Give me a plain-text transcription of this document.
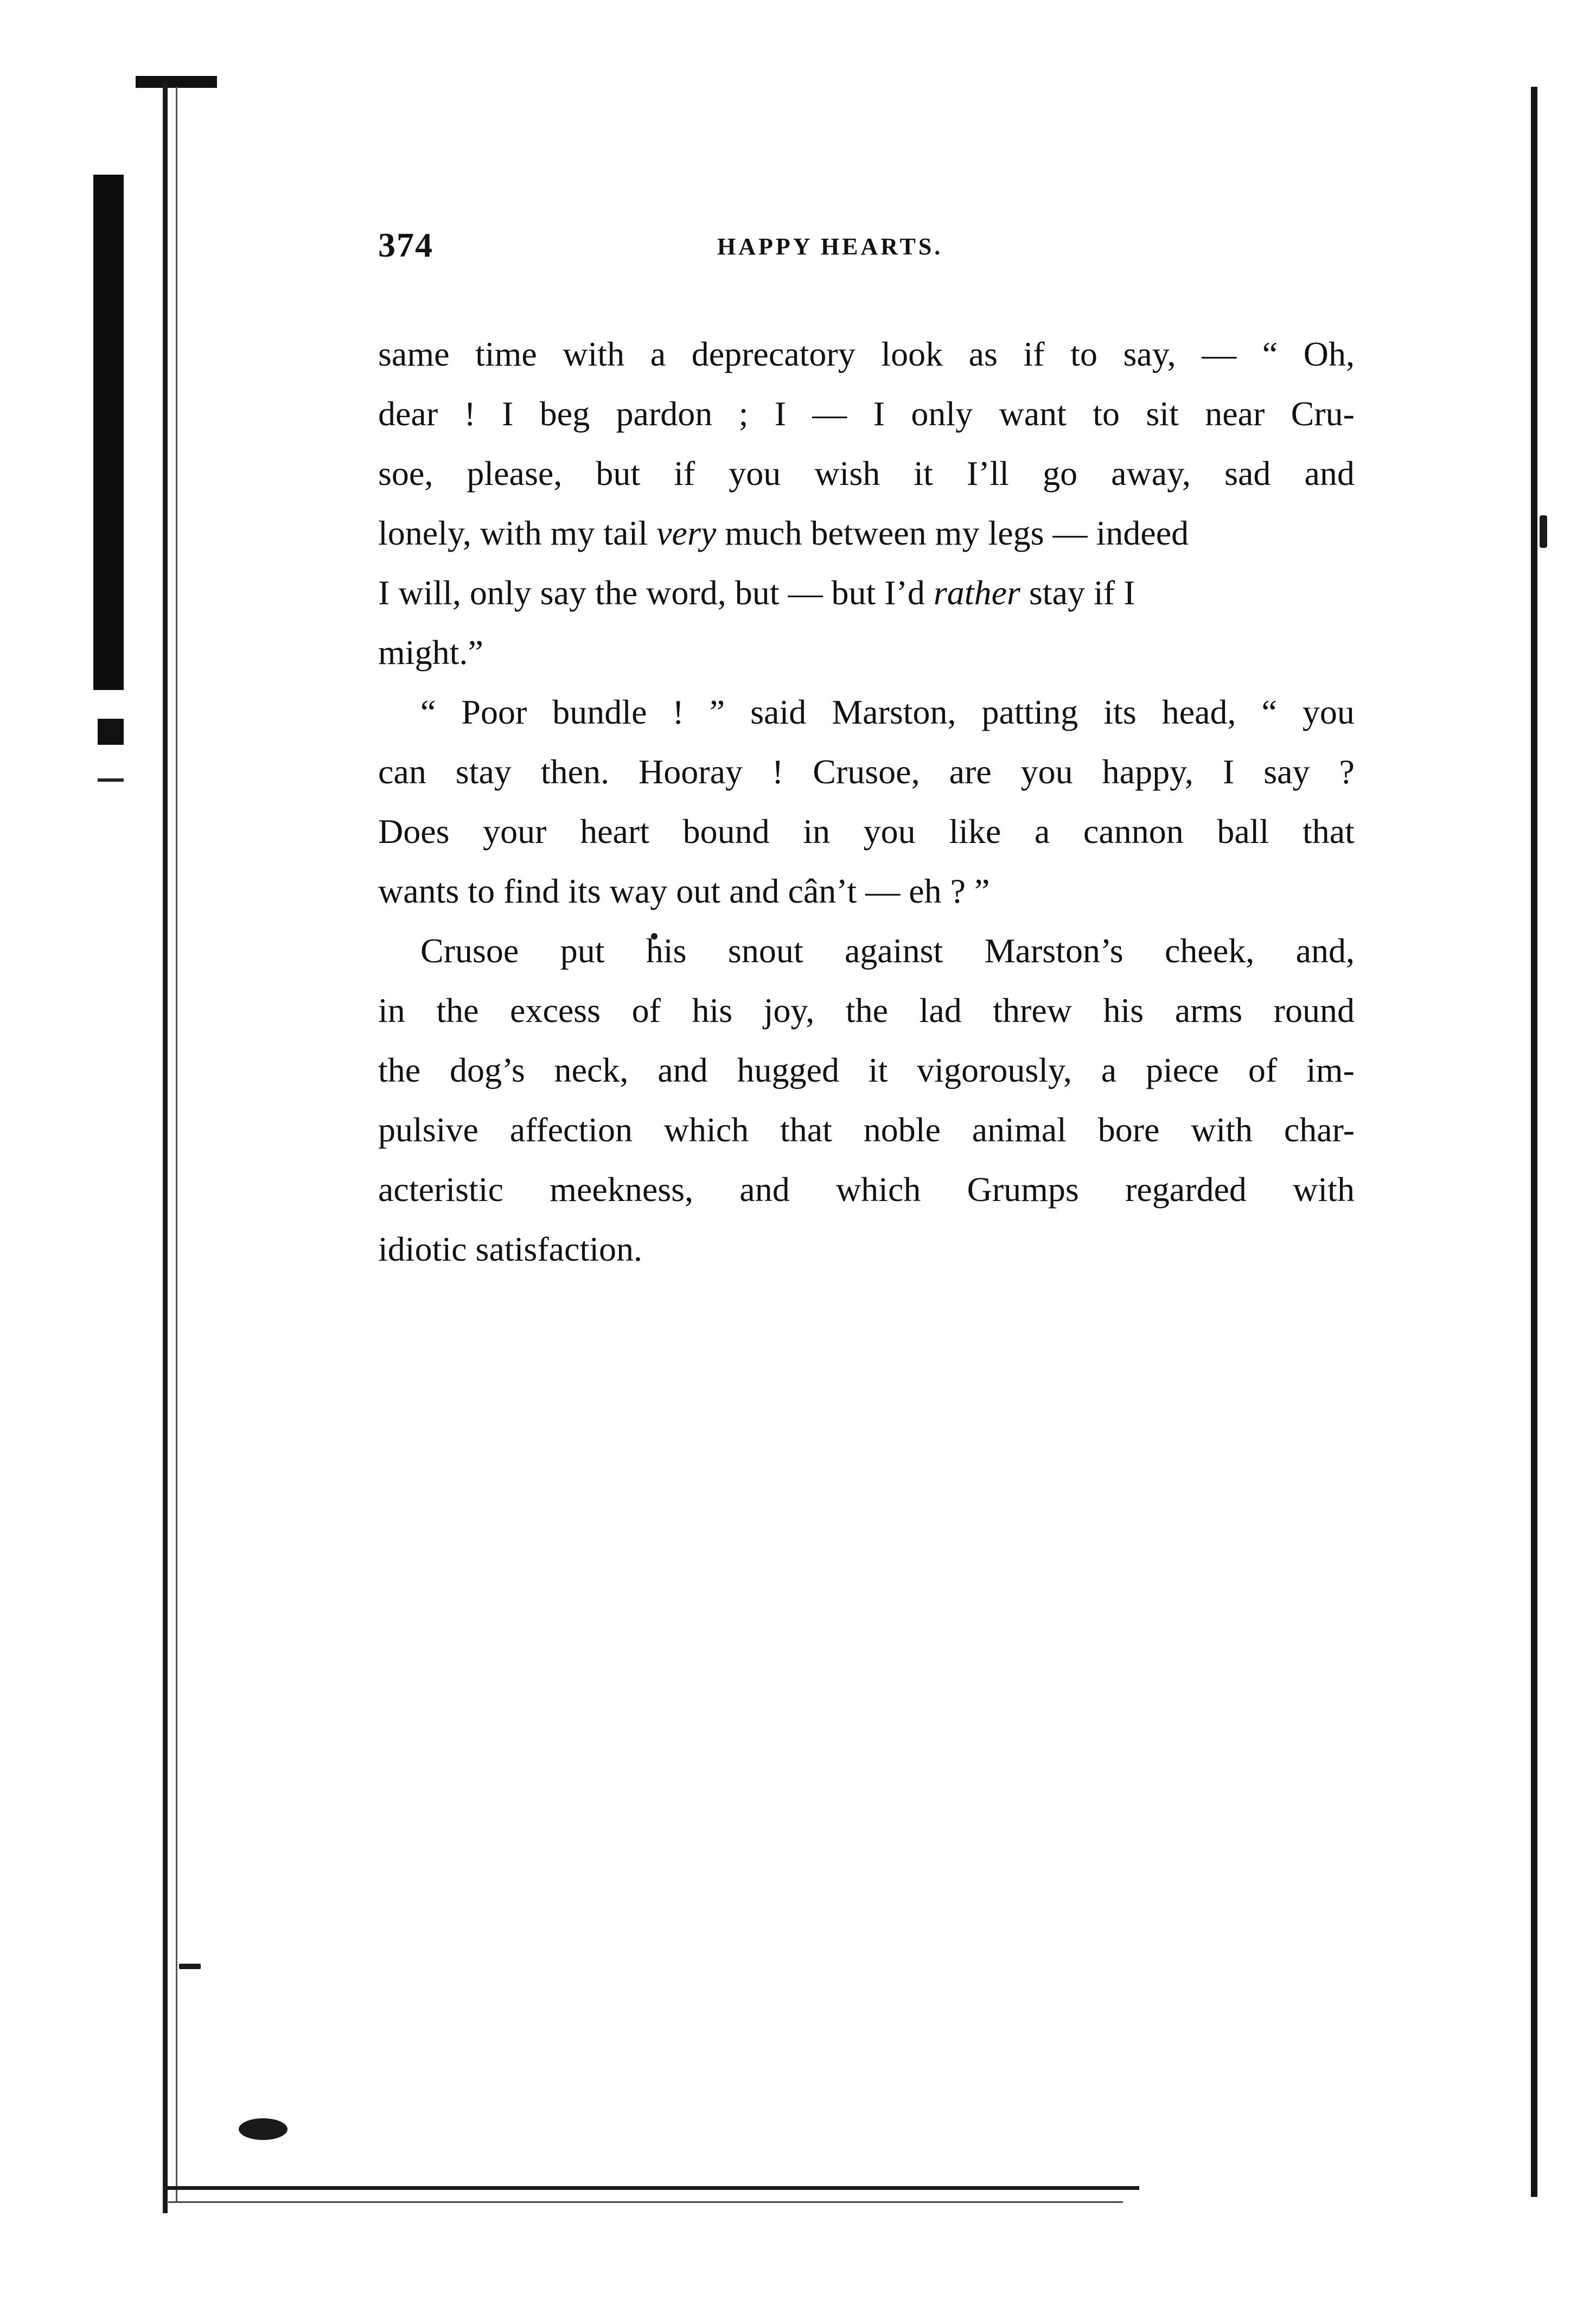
374	HAPPY HEARTS.
same time with a deprecatory look as if to say, — “ Oh,
dear ! I beg pardon ; I — I only want to sit near Cru-
soe, please, but if you wish it I’ll go away, sad and
lonely, with my tail very much between my legs — indeed
I will, only say the word, but — but I’d rather stay if I
might.”
“ Poor bundle ! ” said Marston, patting its head, “ you
can stay then. Hooray ! Crusoe, are you happy, I say ?
Does your heart bound in you like a cannon ball that
wants to find its way out and cân’t — eh ? ”
Crusoe put his snout against Marston’s cheek, and,
in the excess of his joy, the lad threw his arms round
the dog’s neck, and hugged it vigorously, a piece of im-
pulsive affection which that noble animal bore with char-
acteristic meekness, and which Grumps regarded with
idiotic satisfaction.
